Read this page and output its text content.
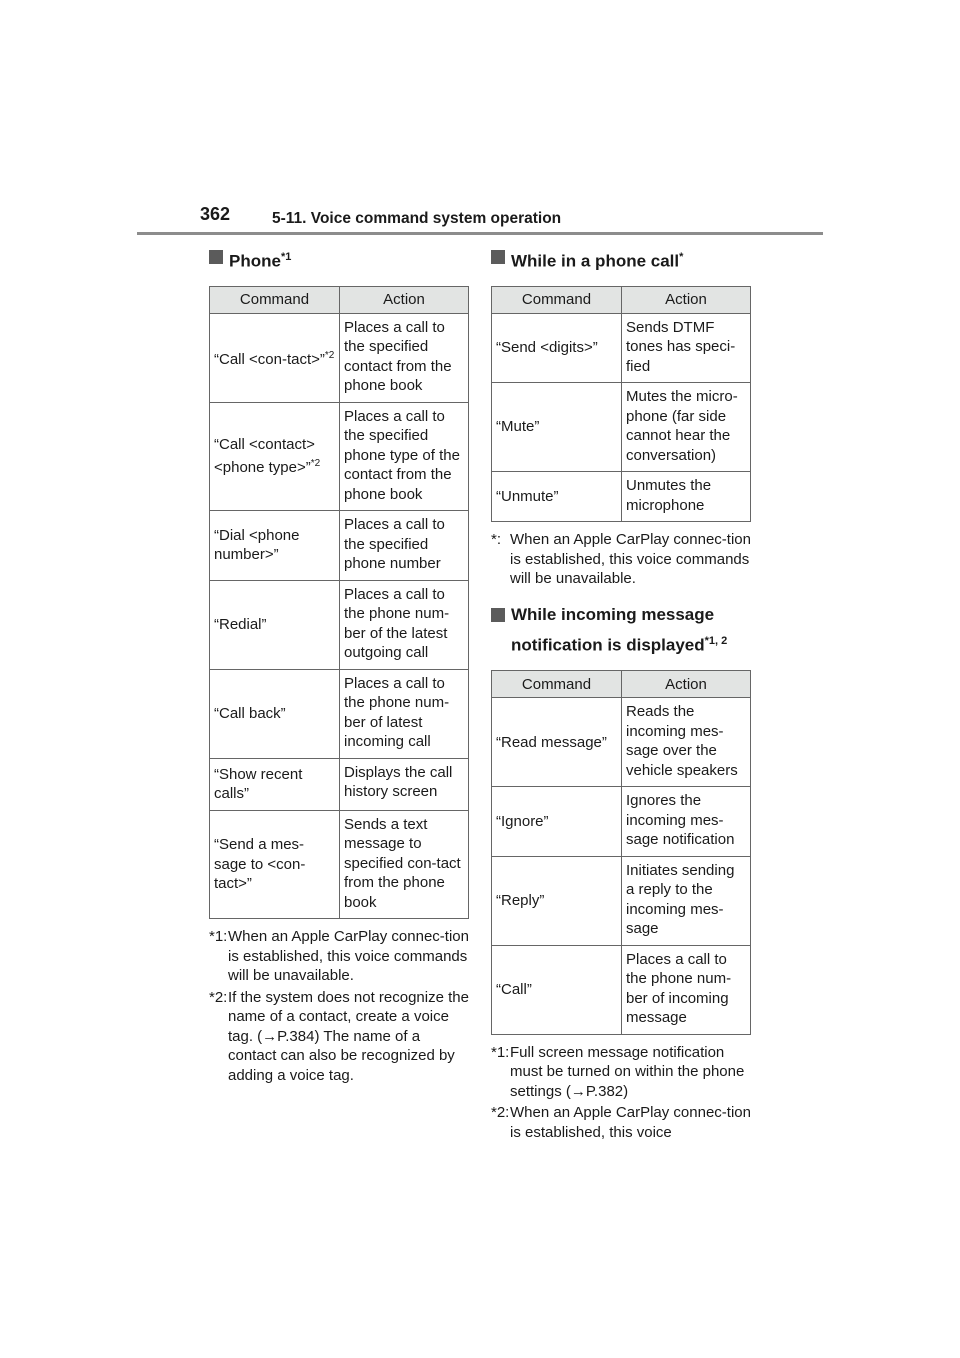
362	5-11. Voice command system operation
Phone$^{*1}$
Command	Action
“Call <con-tact>”$^{*2}$	Places a call to the specified contact from the phone book
“Call <contact> <phone type>”$^{*2}$	Places a call to the specified phone type of the contact from the phone book
“Dial <phone number>”	Places a call to the specified phone number
“Redial”	Places a call to the phone num-ber of the latest outgoing call
“Call back”	Places a call to the phone num-ber of latest incoming call
“Show recent calls”	Displays the call history screen
“Send a mes-sage to <con-tact>”	Sends a text message to specified con-tact from the phone book
*1: When an Apple CarPlay connec-tion is established, this voice commands will be unavailable.
*2: If the system does not recognize the name of a contact, create a voice tag. (→P.384) The name of a contact can also be recognized by adding a voice tag.
While in a phone call*
Command	Action
“Send <digits>”	Sends DTMF tones has speci-fied
“Mute”	Mutes the micro-phone (far side cannot hear the conversation)
“Unmute”	Unmutes the microphone
*: When an Apple CarPlay connec-tion is established, this voice commands will be unavailable.
While incoming message
notification is displayed$^{*1, 2}$
Command	Action
“Read message”	Reads the incoming mes-sage over the vehicle speakers
“Ignore”	Ignores the incoming mes-sage notification
“Reply”	Initiates sending a reply to the incoming mes-sage
“Call”	Places a call to the phone num-ber of incoming message
*1: Full screen message notification must be turned on within the phone settings (→P.382)
*2: When an Apple CarPlay connec-tion is established, this voice
